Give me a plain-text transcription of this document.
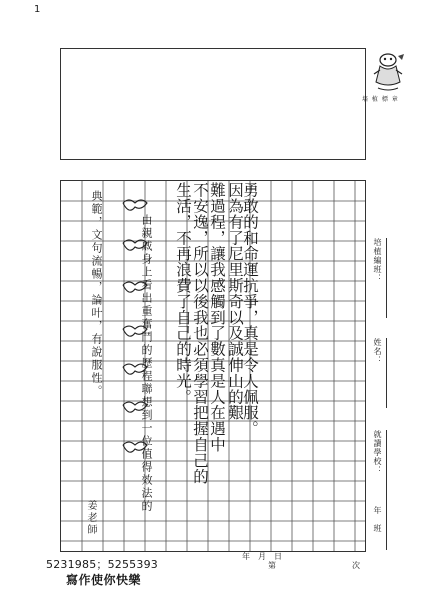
1
培 植 標 章
勇敢的和命運抗爭，真是令人佩服。
因為有了尼里斯奇以及誠伸山的艱
難過程，讓我感觸到了數真是人在遇中
不安逸，所以以後我也必須學習把握自己的
生活，不再浪費了自己的時光。
由親戚身上看出重奮鬥的歷程聯想到一位值得效法的
典範，文句流暢，論叶，有說服性。
姜老師
培植編班：
姓名：
就讀學校：
年　班
5231985；5255393
寫作使你快樂
年　月　日
第	次
